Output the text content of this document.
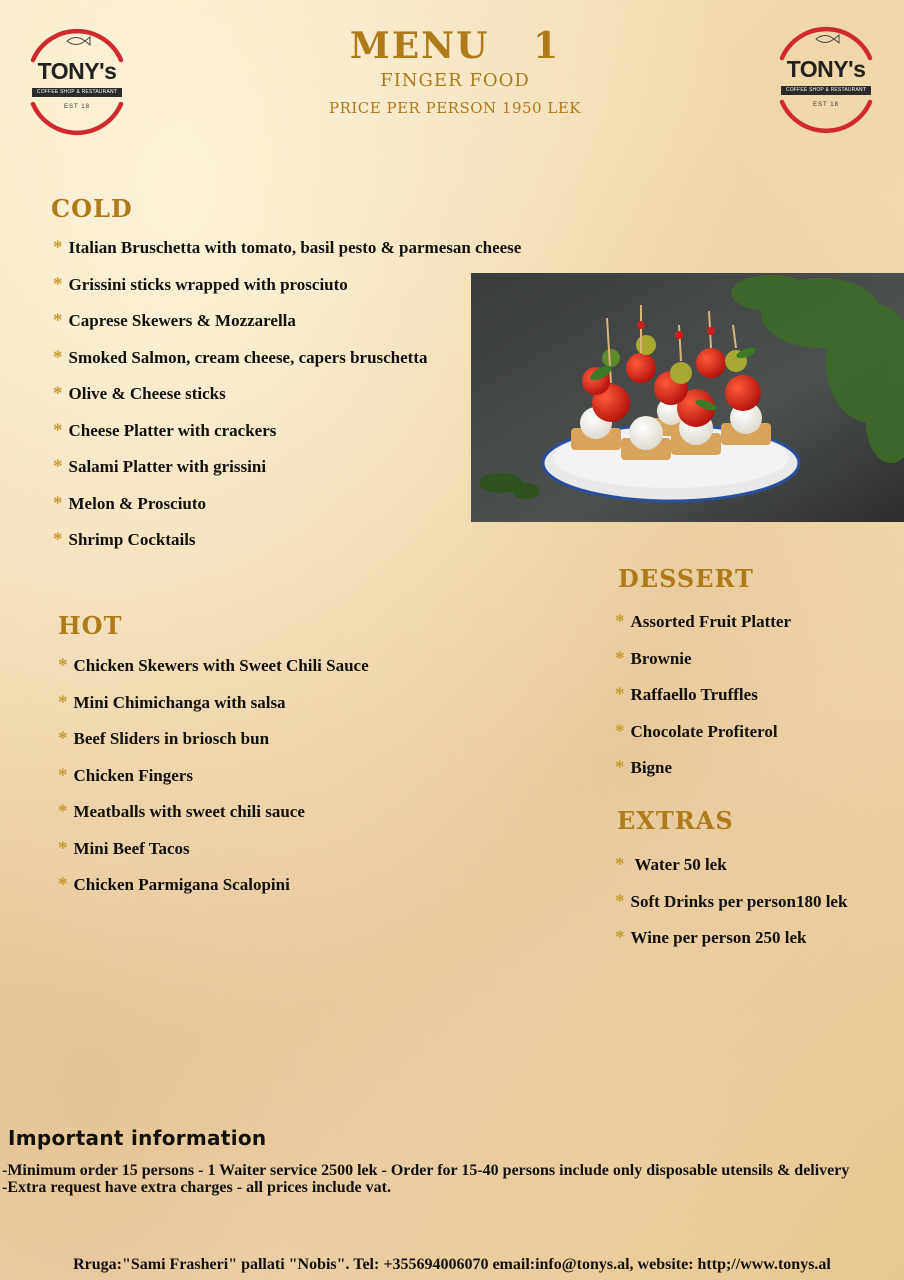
TONY's
COFFEE SHOP & RESTAURANT
EST 18
TONY's
COFFEE SHOP & RESTAURANT
EST 18
MENU   1
FINGER FOOD
PRICE PER PERSON 1950 LEK
COLD
* Italian Bruschetta with tomato, basil pesto & parmesan cheese
* Grissini sticks wrapped with prosciuto
* Caprese Skewers & Mozzarella
* Smoked Salmon, cream cheese, capers bruschetta
* Olive & Cheese sticks
* Cheese Platter with crackers
* Salami Platter with grissini
* Melon & Prosciuto
* Shrimp Cocktails
HOT
* Chicken Skewers with Sweet Chili Sauce
* Mini Chimichanga with salsa
* Beef Sliders in briosch bun
* Chicken Fingers
* Meatballs with sweet chili sauce
* Mini Beef Tacos
* Chicken Parmigana Scalopini
DESSERT
* Assorted Fruit Platter
* Brownie
* Raffaello Truffles
* Chocolate Profiterol
* Bigne
EXTRAS
* Water 50 lek
* Soft Drinks per person180 lek
* Wine per person 250 lek
Important information
-Minimum order 15 persons - 1 Waiter service 2500 lek - Order for 15-40 persons include only disposable utensils & delivery
-Extra request have extra charges - all prices include vat.
Rruga:"Sami Frasheri" pallati "Nobis". Tel: +355694006070 email:info@tonys.al, website: http;//www.tonys.al
